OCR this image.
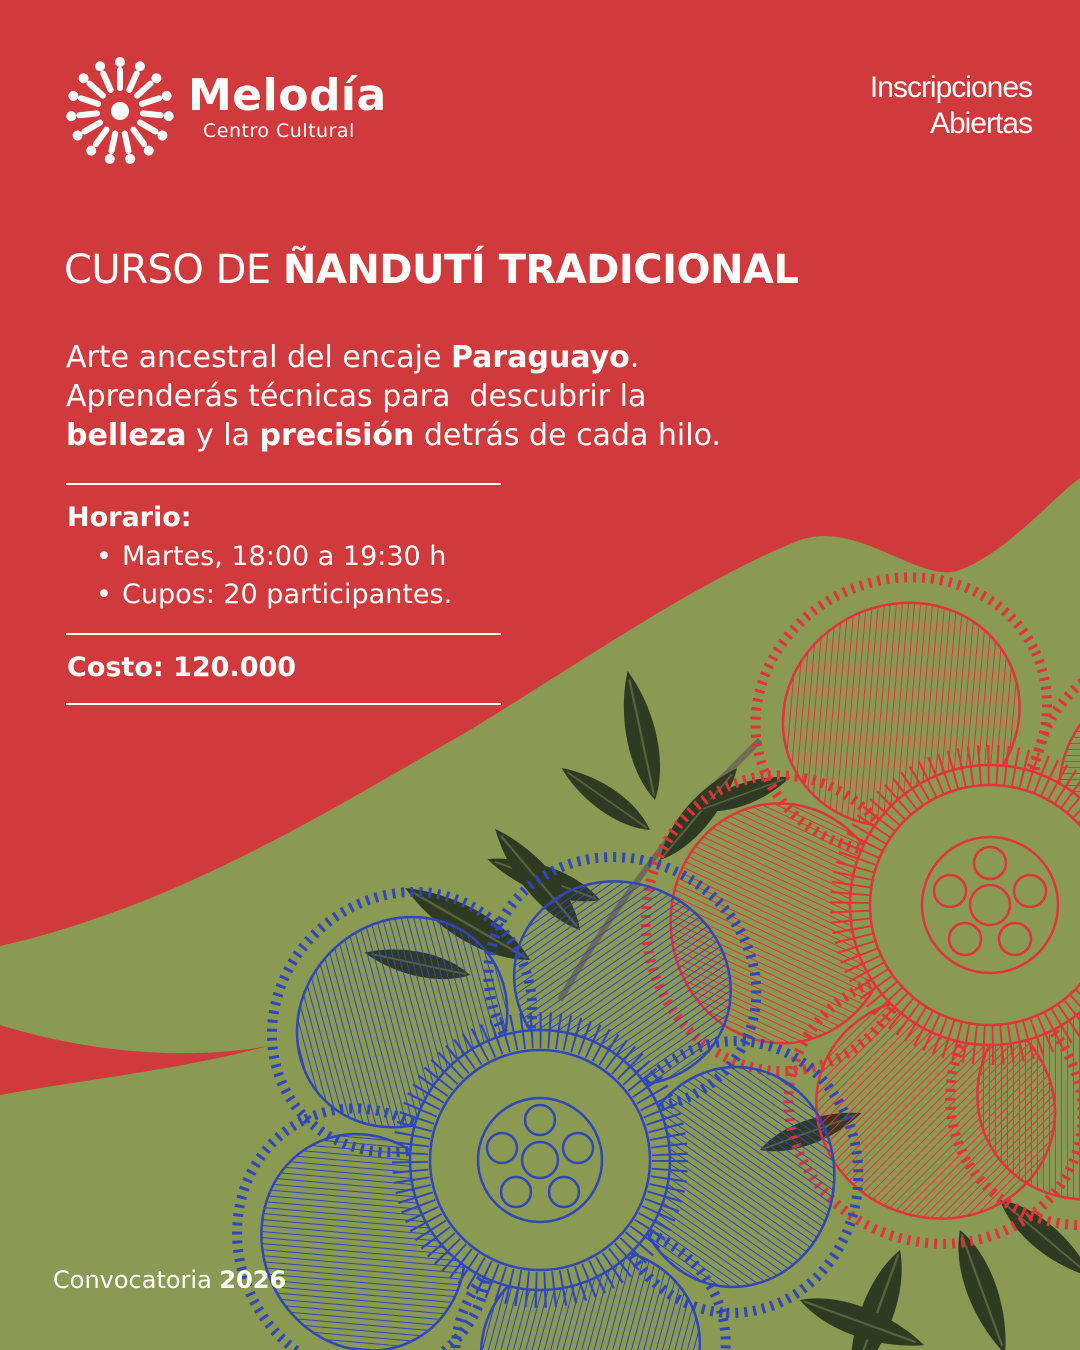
Melodía
Centro Cultural
Inscripciones
Abiertas
CURSO DE ÑANDUTÍ TRADICIONAL
Arte ancestral del encaje Paraguayo.
Aprenderás técnicas para  descubrir la
belleza y la precisión detrás de cada hilo.
Horario:
• Martes, 18:00 a 19:30 h
• Cupos: 20 participantes.
Costo: 120.000
Convocatoria 2026
